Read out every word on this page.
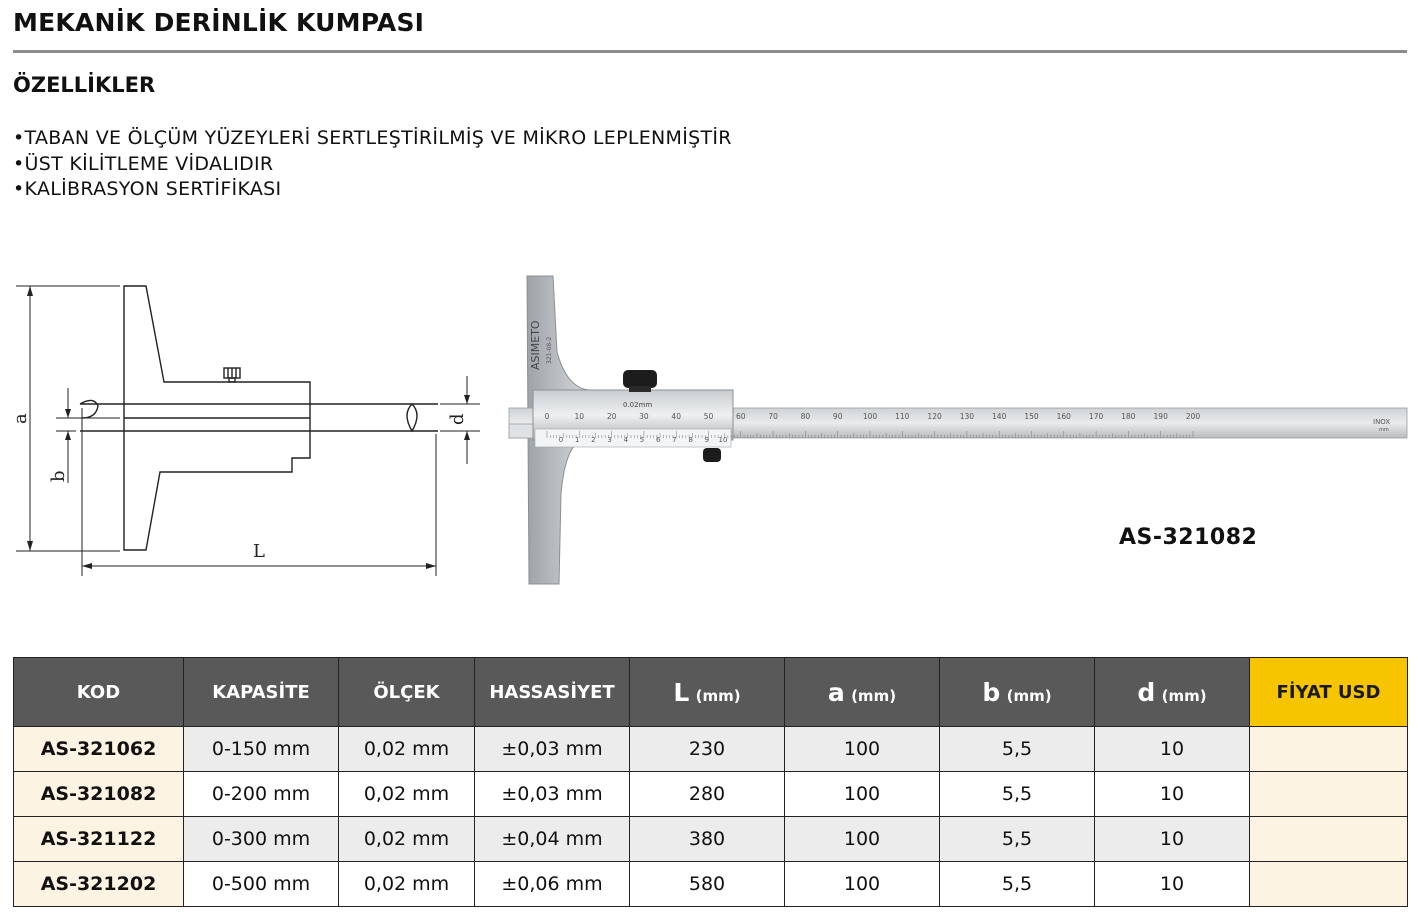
MEKANİK DERİNLİK KUMPASI
ÖZELLİKLER
• TABAN VE ÖLÇÜM YÜZEYLERİ SERTLEŞTİRİLMİŞ VE MİKRO LEPLENMİŞTİR
• ÜST KİLİTLEME VİDALIDIR
• KALİBRASYON SERTİFİKASI
a
b
d
L
INOX
mm
ASIMETO 321-08-2
0.02mm
0	10	20	30	40	50	60	70	80	90	100 110 120 130 140 150 160 170 180 190 200
0 1 2 3 4 5 6 7 8 9 10
AS-321082
KOD	KAPASİTE	ÖLÇEK	HASSASİYET	L (mm)	a (mm)	b (mm)	d (mm)	FİYAT USD
AS-321062	0-150 mm	0,02 mm	±0,03 mm	230	100	5,5	10	
AS-321082	0-200 mm	0,02 mm	±0,03 mm	280	100	5,5	10	
AS-321122	0-300 mm	0,02 mm	±0,04 mm	380	100	5,5	10	
AS-321202	0-500 mm	0,02 mm	±0,06 mm	580	100	5,5	10	
